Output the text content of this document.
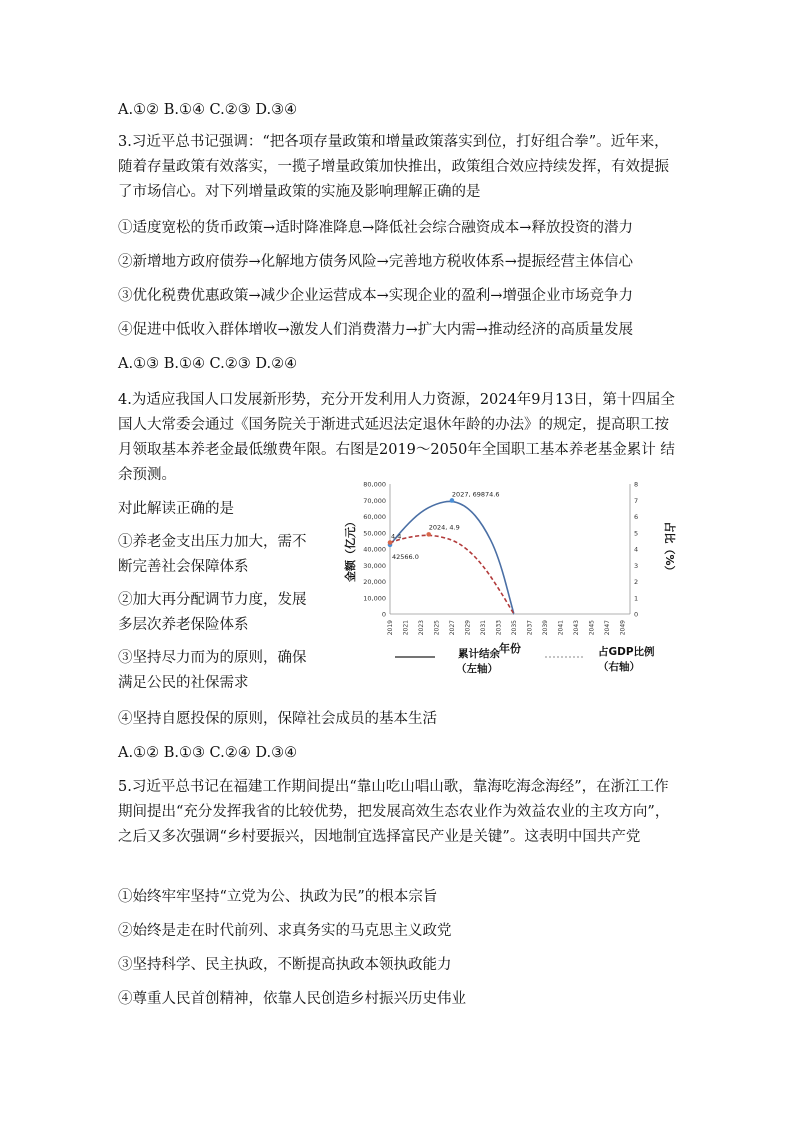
A.①② B.①④ C.②③ D.③④
3.习近平总书记强调：“把各项存量政策和增量政策落实到位，打好组合拳”。近年来，随着存量政策有效落实，一揽子增量政策加快推出，政策组合效应持续发挥，有效提振了市场信心。对下列增量政策的实施及影响理解正确的是
①适度宽松的货币政策→适时降准降息→降低社会综合融资成本→释放投资的潜力
②新增地方政府债券→化解地方债务风险→完善地方税收体系→提振经营主体信心
③优化税费优惠政策→减少企业运营成本→实现企业的盈利→增强企业市场竞争力
④促进中低收入群体增收→激发人们消费潜力→扩大内需→推动经济的高质量发展
A.①③ B.①④ C.②③ D.②④
4.为适应我国人口发展新形势，充分开发利用人力资源，2024年9月13日，第十四届全国人大常委会通过《国务院关于渐进式延迟法定退休年龄的办法》的规定，提高职工按月领取基本养老金最低缴费年限。右图是2019～2050年全国职工基本养老基金累计 结余预测。
对此解读正确的是
①养老金支出压力加大，需不断完善社会保障体系
②加大再分配调节力度，发展多层次养老保险体系
③坚持尽力而为的原则，确保满足公民的社保需求
④坚持自愿投保的原则，保障社会成员的基本生活
A.①② B.①③ C.②④ D.③④
0
10,000
20,000
30,000
40,000
50,000
60,000
70,000
80,000
0
1
2
3
4
5
6
7
8
2019 2021 2023 2025 2027 2029 2031 2033 2035 2037 2039 2041 2043 2045 2047 2049
年份
金额（亿元）	占比（%）
2027, 69874.6
2024, 4.9
4.4
42566.0
累计结余
（左轴）
占GDP比例
（右轴）
5.习近平总书记在福建工作期间提出“靠山吃山唱山歌，靠海吃海念海经”，在浙江工作期间提出“充分发挥我省的比较优势，把发展高效生态农业作为效益农业的主攻方向”，之后又多次强调“乡村要振兴，因地制宜选择富民产业是关键”。这表明中国共产党
①始终牢牢坚持“立党为公、执政为民”的根本宗旨
②始终是走在时代前列、求真务实的马克思主义政党
③坚持科学、民主执政，不断提高执政本领执政能力
④尊重人民首创精神，依靠人民创造乡村振兴历史伟业
